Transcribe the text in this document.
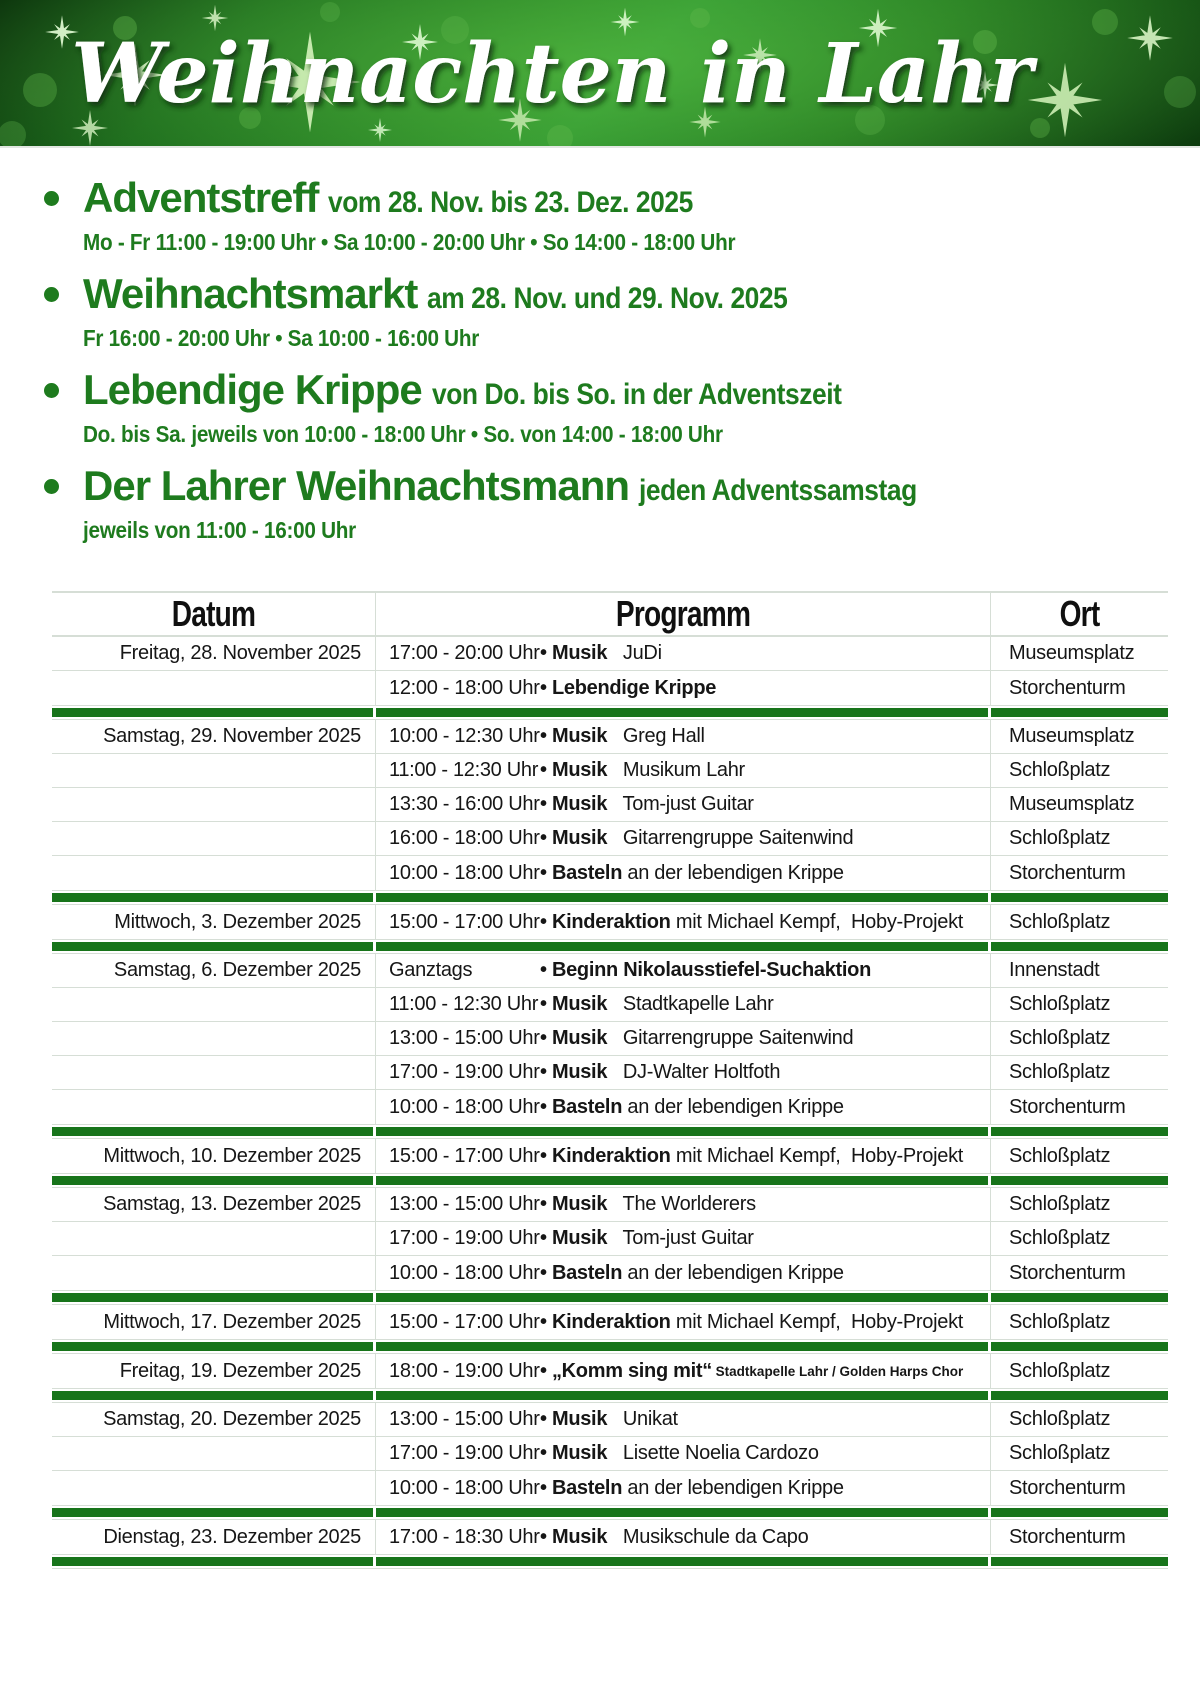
Weihnachten in Lahr
Adventstreff vom 28. Nov. bis 23. Dez. 2025
Mo - Fr 11:00 - 19:00 Uhr • Sa 10:00 - 20:00 Uhr • So 14:00 - 18:00 Uhr
Weihnachtsmarkt am 28. Nov. und 29. Nov. 2025
Fr 16:00 - 20:00 Uhr • Sa 10:00 - 16:00 Uhr
Lebendige Krippe von Do. bis So. in der Adventszeit
Do. bis Sa. jeweils von 10:00 - 18:00 Uhr • So. von 14:00 - 18:00 Uhr
Der Lahrer Weihnachtsmann jeden Adventssamstag
jeweils von 11:00 - 16:00 Uhr
Datum	Programm	Ort
Freitag, 28. November 2025	17:00 - 20:00 Uhr • Musik JuDi	Museumsplatz
12:00 - 18:00 Uhr • Lebendige Krippe	Storchenturm
Samstag, 29. November 2025	10:00 - 12:30 Uhr • Musik Greg Hall	Museumsplatz
11:00 - 12:30 Uhr • Musik Musikum Lahr	Schloßplatz
13:30 - 16:00 Uhr • Musik Tom-just Guitar	Museumsplatz
16:00 - 18:00 Uhr • Musik Gitarrengruppe Saitenwind	Schloßplatz
10:00 - 18:00 Uhr • Basteln an der lebendigen Krippe	Storchenturm
Mittwoch, 3. Dezember 2025	15:00 - 17:00 Uhr • Kinderaktion mit Michael Kempf,  Hoby-Projekt	Schloßplatz
Samstag, 6. Dezember 2025	Ganztags	• Beginn Nikolausstiefel-Suchaktion	Innenstadt
11:00 - 12:30 Uhr • Musik Stadtkapelle Lahr	Schloßplatz
13:00 - 15:00 Uhr • Musik Gitarrengruppe Saitenwind	Schloßplatz
17:00 - 19:00 Uhr • Musik DJ-Walter Holtfoth	Schloßplatz
10:00 - 18:00 Uhr • Basteln an der lebendigen Krippe	Storchenturm
Mittwoch, 10. Dezember 2025	15:00 - 17:00 Uhr • Kinderaktion mit Michael Kempf,  Hoby-Projekt	Schloßplatz
Samstag, 13. Dezember 2025	13:00 - 15:00 Uhr • Musik The Worlderers	Schloßplatz
17:00 - 19:00 Uhr • Musik Tom-just Guitar	Schloßplatz
10:00 - 18:00 Uhr • Basteln an der lebendigen Krippe	Storchenturm
Mittwoch, 17. Dezember 2025	15:00 - 17:00 Uhr • Kinderaktion mit Michael Kempf,  Hoby-Projekt	Schloßplatz
Freitag, 19. Dezember 2025	18:00 - 19:00 Uhr • „Komm sing mit“ Stadtkapelle Lahr / Golden Harps Chor	Schloßplatz
Samstag, 20. Dezember 2025	13:00 - 15:00 Uhr • Musik Unikat	Schloßplatz
17:00 - 19:00 Uhr • Musik Lisette Noelia Cardozo	Schloßplatz
10:00 - 18:00 Uhr • Basteln an der lebendigen Krippe	Storchenturm
Dienstag, 23. Dezember 2025	17:00 - 18:30 Uhr • Musik Musikschule da Capo	Storchenturm
